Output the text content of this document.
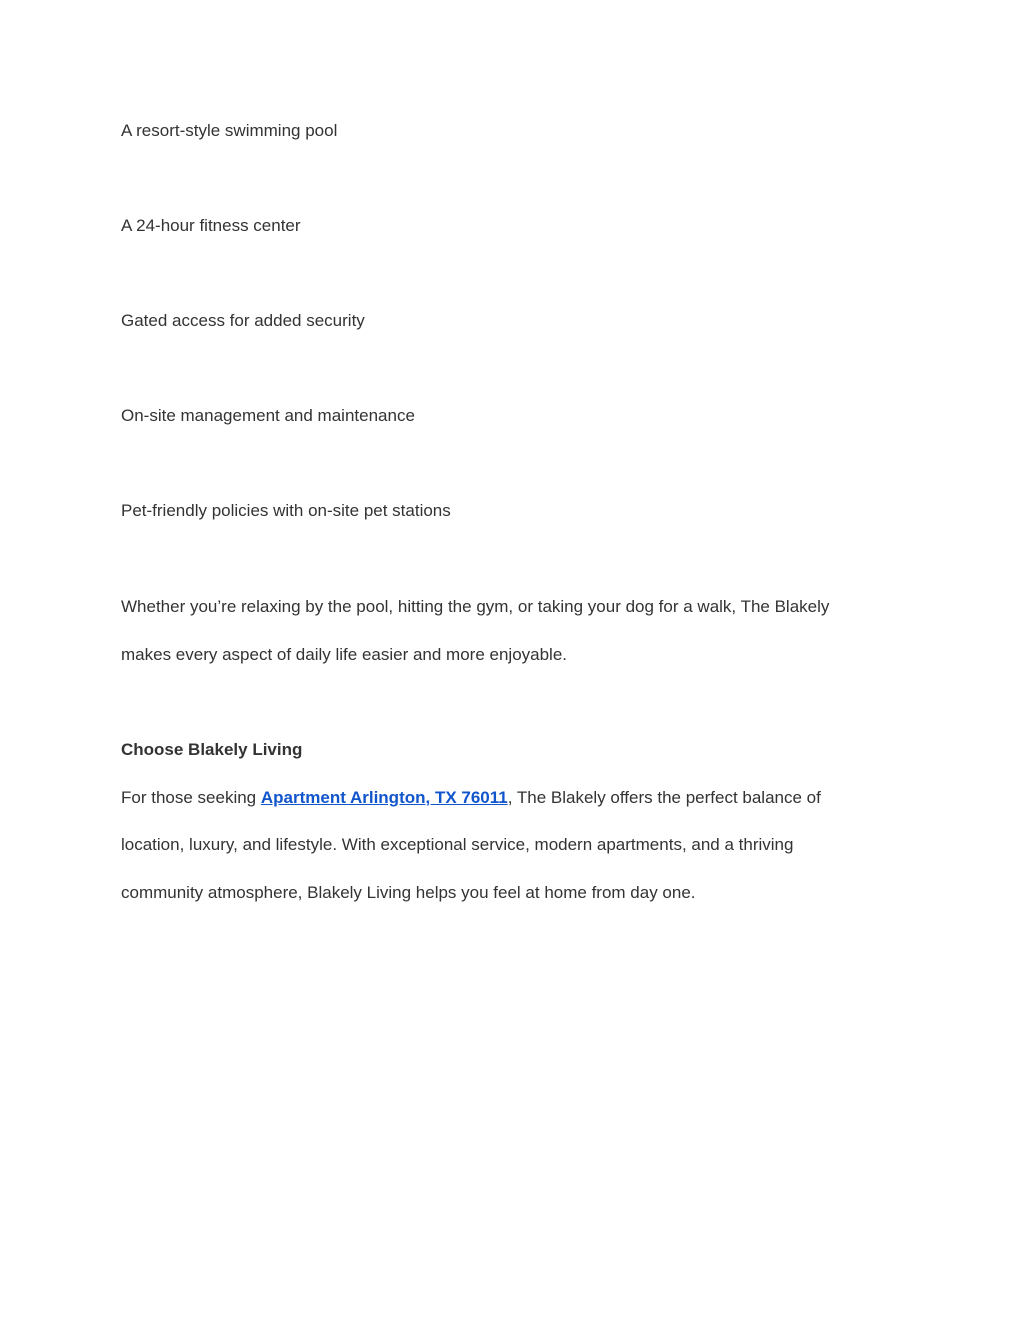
A resort-style swimming pool
A 24-hour fitness center
Gated access for added security
On-site management and maintenance
Pet-friendly policies with on-site pet stations
Whether you’re relaxing by the pool, hitting the gym, or taking your dog for a walk, The Blakely
makes every aspect of daily life easier and more enjoyable.
Choose Blakely Living
For those seeking Apartment Arlington, TX 76011, The Blakely offers the perfect balance of
location, luxury, and lifestyle. With exceptional service, modern apartments, and a thriving
community atmosphere, Blakely Living helps you feel at home from day one.
